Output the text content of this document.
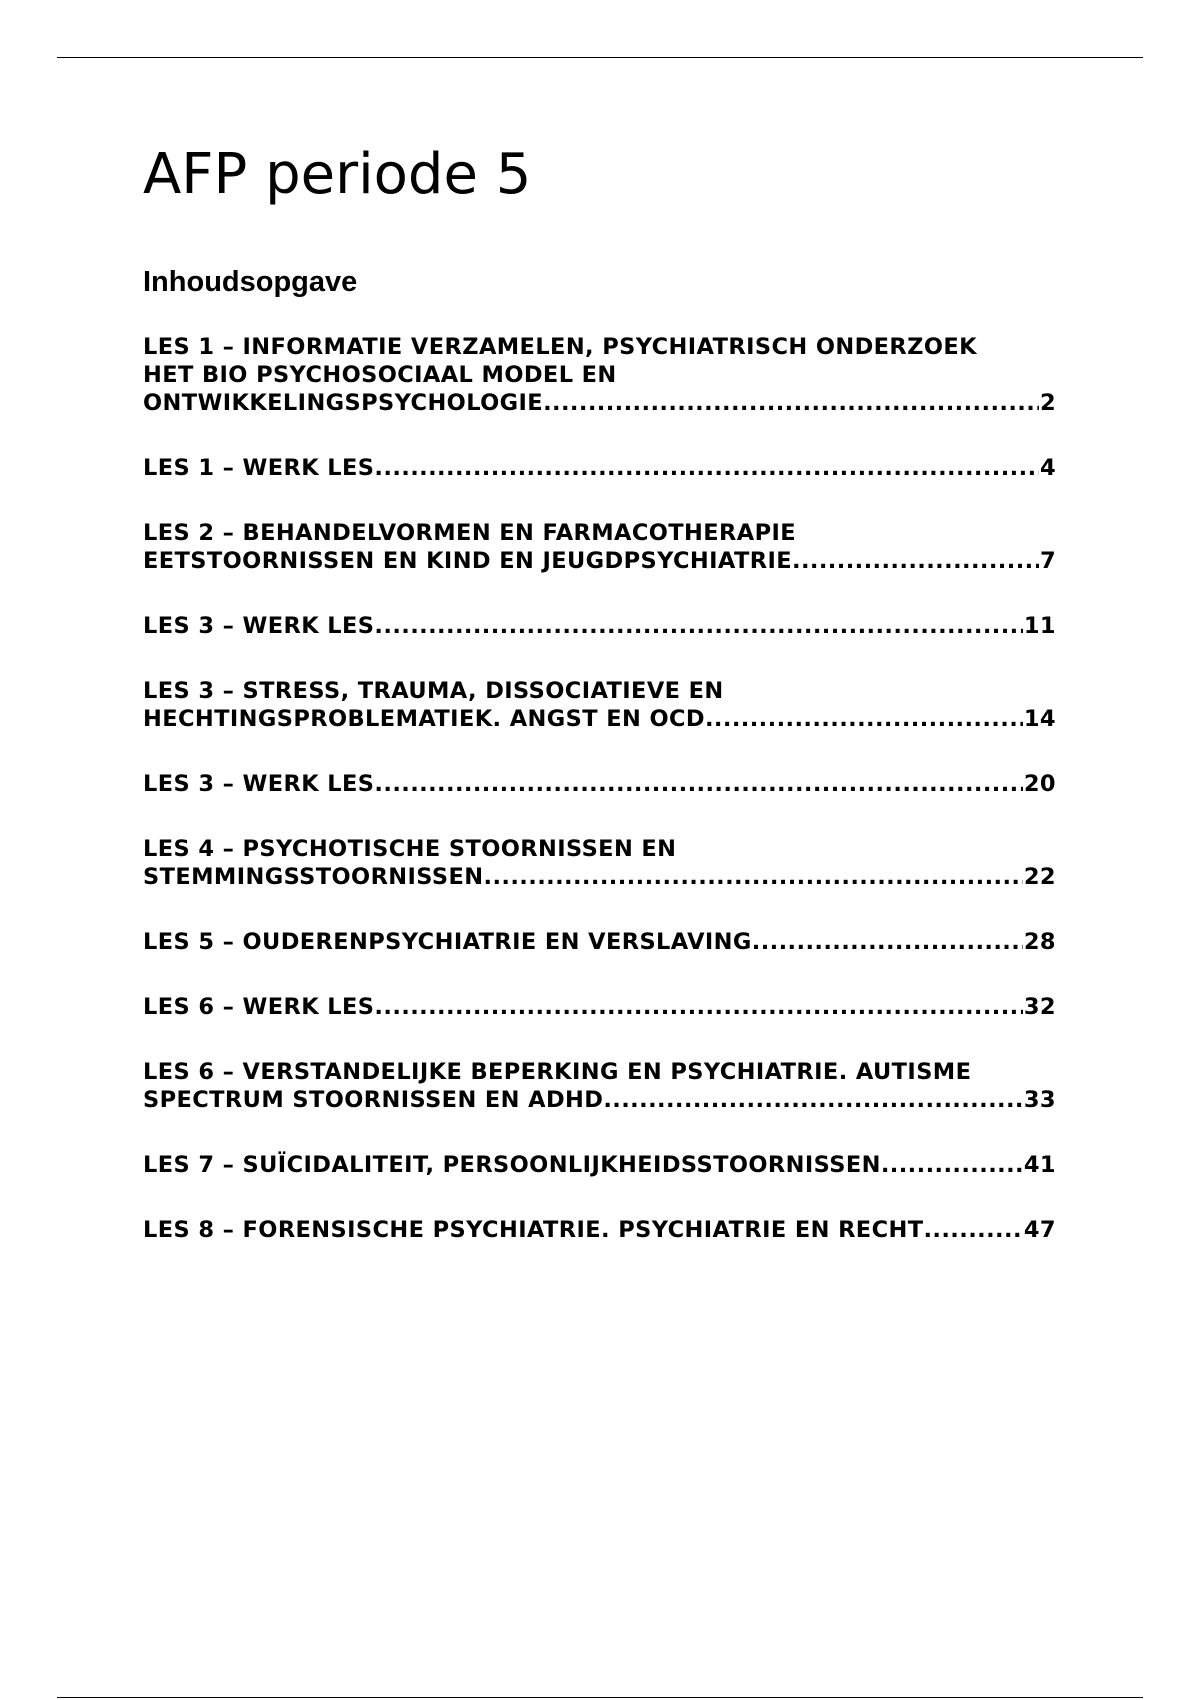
AFP periode 5
Inhoudsopgave
LES 1 – INFORMATIE VERZAMELEN, PSYCHIATRISCH ONDERZOEK
HET BIO PSYCHOSOCIAAL MODEL EN
ONTWIKKELINGSPSYCHOLOGIE .....	2
LES 1 – WERK LES .....	4
LES 2 – BEHANDELVORMEN EN FARMACOTHERAPIE
EETSTOORNISSEN EN KIND EN JEUGDPSYCHIATRIE .....	7
LES 3 – WERK LES .....	11
LES 3 – STRESS, TRAUMA, DISSOCIATIEVE EN
HECHTINGSPROBLEMATIEK. ANGST EN OCD .....	14
LES 3 – WERK LES .....	20
LES 4 – PSYCHOTISCHE STOORNISSEN EN
STEMMINGSSTOORNISSEN .....	22
LES 5 – OUDERENPSYCHIATRIE EN VERSLAVING .....	28
LES 6 – WERK LES .....	32
LES 6 – VERSTANDELIJKE BEPERKING EN PSYCHIATRIE. AUTISME
SPECTRUM STOORNISSEN EN ADHD .....	33
LES 7 – SUÏCIDALITEIT, PERSOONLIJKHEIDSSTOORNISSEN .....	41
LES 8 – FORENSISCHE PSYCHIATRIE. PSYCHIATRIE EN RECHT .....	47
